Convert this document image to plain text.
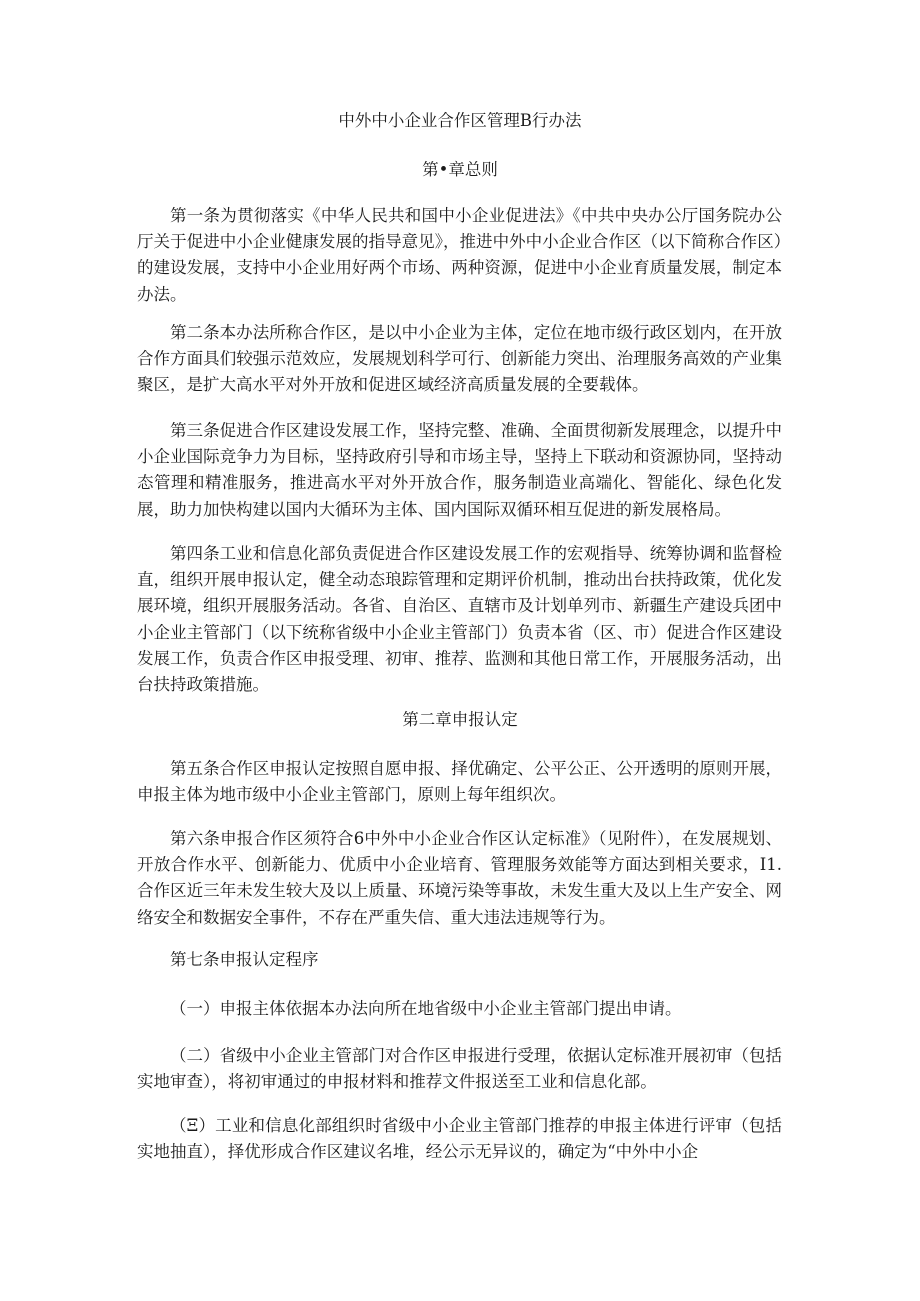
中外中小企业合作区管理B行办法
第•章总则

第一条为贯彻落实《中华人民共和国中小企业促进法》《中共中央办公厅国务院办公厅关于促进中小企业健康发展的指导意见》，推进中外中小企业合作区（以下简称合作区）的建设发展，支持中小企业用好两个市场、两种资源，促进中小企业育质量发展，制定本办法。

第二条本办法所称合作区，是以中小企业为主体，定位在地市级行政区划内，在开放合作方面具们较强示范效应，发展规划科学可行、创新能力突出、治理服务高效的产业集聚区，是扩大高水平对外开放和促进区域经济高质量发展的全要载体。

第三条促进合作区建设发展工作，坚持完整、准确、全面贯彻新发展理念，以提升中小企业国际竞争力为目标，坚持政府引导和市场主导，坚持上下联动和资源协同，坚持动态管理和精准服务，推进高水平对外开放合作，服务制造业高端化、智能化、绿色化发展，助力加快构建以国内大循环为主体、国内国际双循环相互促进的新发展格局。

第四条工业和信息化部负责促进合作区建设发展工作的宏观指导、统筹协调和监督检直，组织开展申报认定，健全动态琅踪管理和定期评价机制，推动出台扶持政策，优化发展环境，组织开展服务活动。各省、自治区、直辖市及计划单列市、新疆生产建设兵团中小企业主管部门（以下统称省级中小企业主管部门）负责本省（区、市）促进合作区建设发展工作，负责合作区申报受理、初审、推荐、监测和其他日常工作，开展服务活动，出台扶持政策措施。

第二章申报认定

第五条合作区申报认定按照自愿申报、择优确定、公平公正、公开透明的原则开展，申报主体为地市级中小企业主管部门，原则上每年组织次。

第六条申报合作区须符合6中外中小企业合作区认定标准》（见附件），在发展规划、开放合作水平、创新能力、优质中小企业培育、管理服务效能等方面达到相关要求，I1. 合作区近三年未发生较大及以上质量、环境污染等事故，未发生重大及以上生产安全、网络安全和数据安全事件，不存在严重失信、重大违法违规等行为。

第七条申报认定程序

（一）申报主体依据本办法向所在地省级中小企业主管部门提出申请。

（二）省级中小企业主管部门对合作区申报进行受理，依据认定标准开展初审（包括实地审查），将初审通过的申报材料和推荐文件报送至工业和信息化部。

（Ξ）工业和信息化部组织时省级中小企业主管部门推荐的申报主体进行评审（包括实地抽直），择优形成合作区建议名堆，经公示无异议的，确定为“中外中小企
